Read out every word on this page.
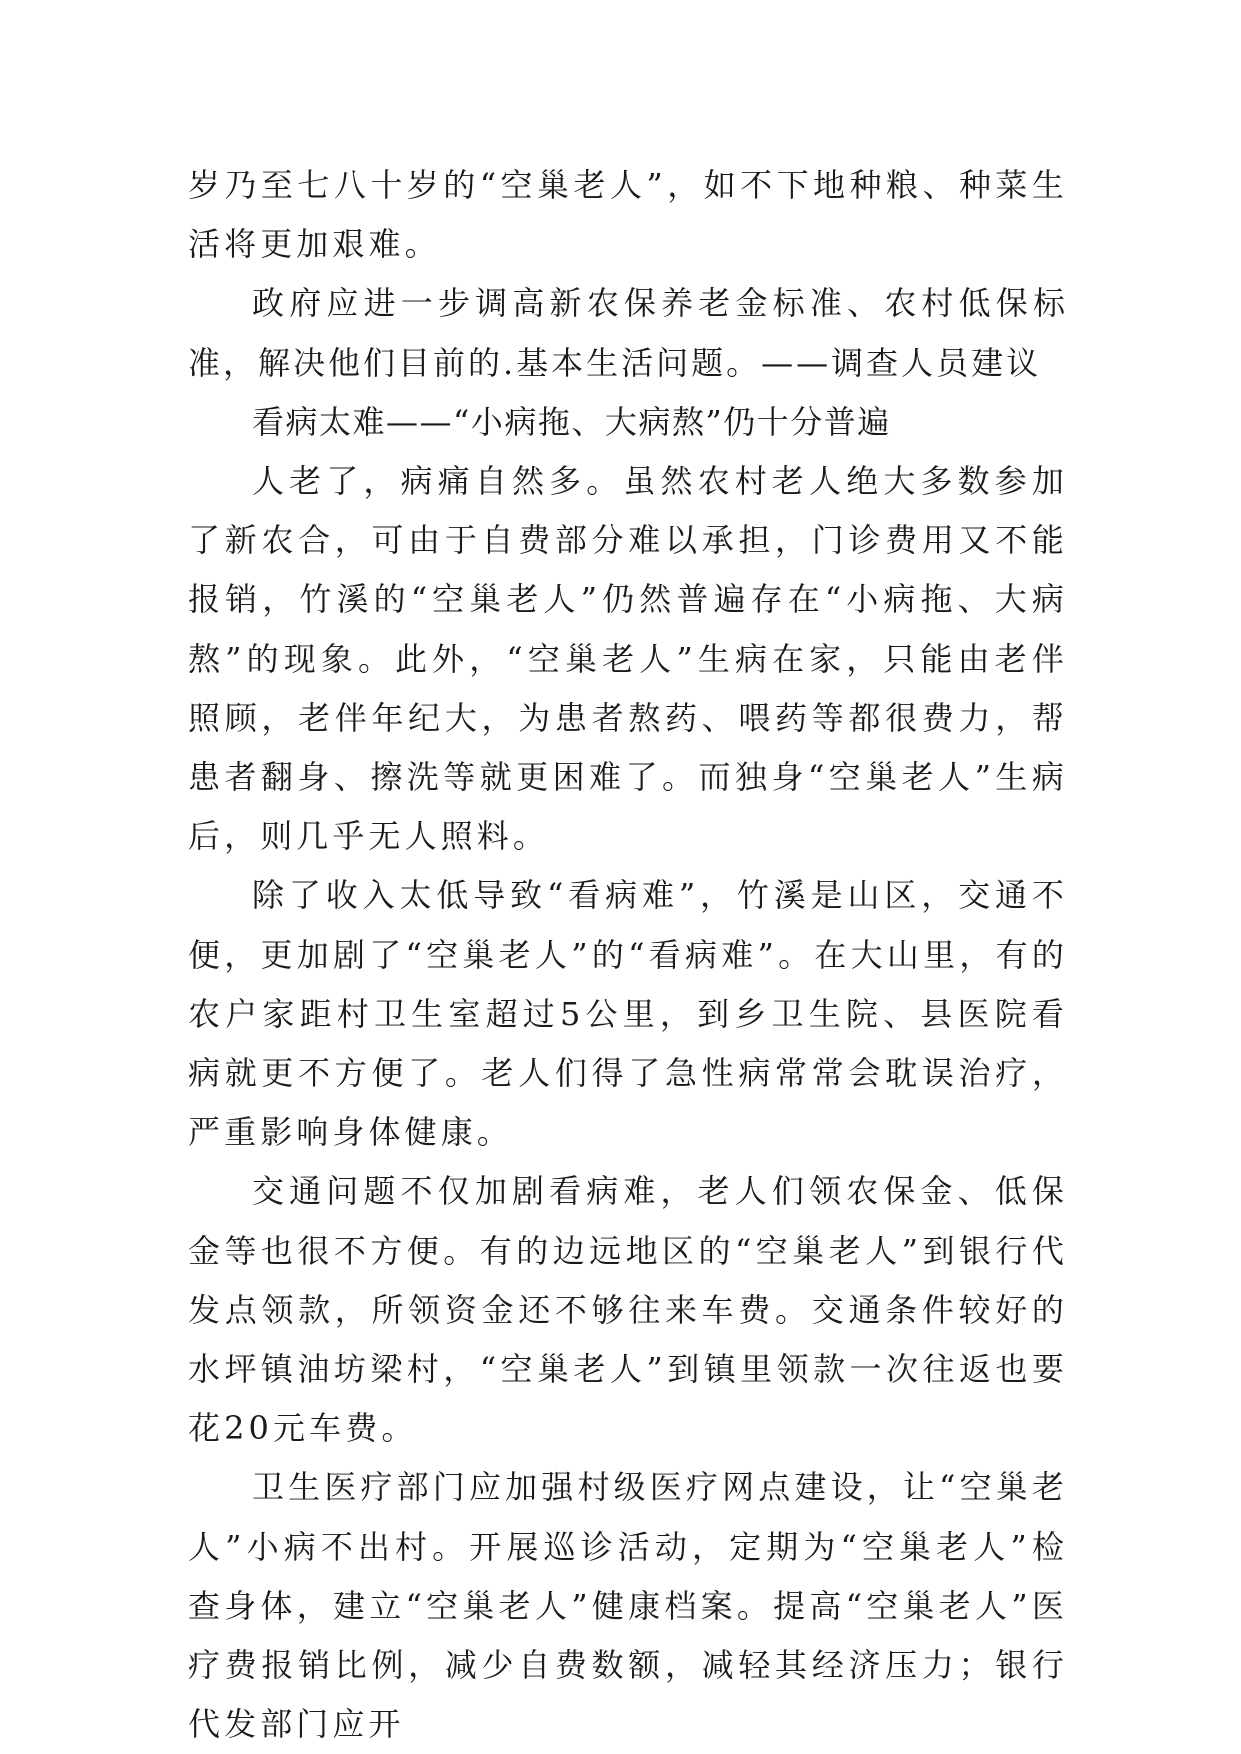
岁乃至七八十岁的“空巢老人”，如不下地种粮、种菜生活将更加艰难。

政府应进一步调高新农保养老金标准、农村低保标准，解决他们目前的.基本生活问题。——调查人员建议

看病太难——“小病拖、大病熬”仍十分普遍

人老了，病痛自然多。虽然农村老人绝大多数参加了新农合，可由于自费部分难以承担，门诊费用又不能报销，竹溪的“空巢老人”仍然普遍存在“小病拖、大病熬”的现象。此外，“空巢老人”生病在家，只能由老伴照顾，老伴年纪大，为患者熬药、喂药等都很费力，帮患者翻身、擦洗等就更困难了。而独身“空巢老人”生病后，则几乎无人照料。

除了收入太低导致“看病难”，竹溪是山区，交通不便，更加剧了“空巢老人”的“看病难”。在大山里，有的农户家距村卫生室超过5公里，到乡卫生院、县医院看病就更不方便了。老人们得了急性病常常会耽误治疗，严重影响身体健康。

交通问题不仅加剧看病难，老人们领农保金、低保金等也很不方便。有的边远地区的“空巢老人”到银行代发点领款，所领资金还不够往来车费。交通条件较好的水坪镇油坊梁村，“空巢老人”到镇里领款一次往返也要花20元车费。

卫生医疗部门应加强村级医疗网点建设，让“空巢老人”小病不出村。开展巡诊活动，定期为“空巢老人”检查身体，建立“空巢老人”健康档案。提高“空巢老人”医疗费报销比例，减少自费数额，减轻其经济压力；银行代发部门应开
